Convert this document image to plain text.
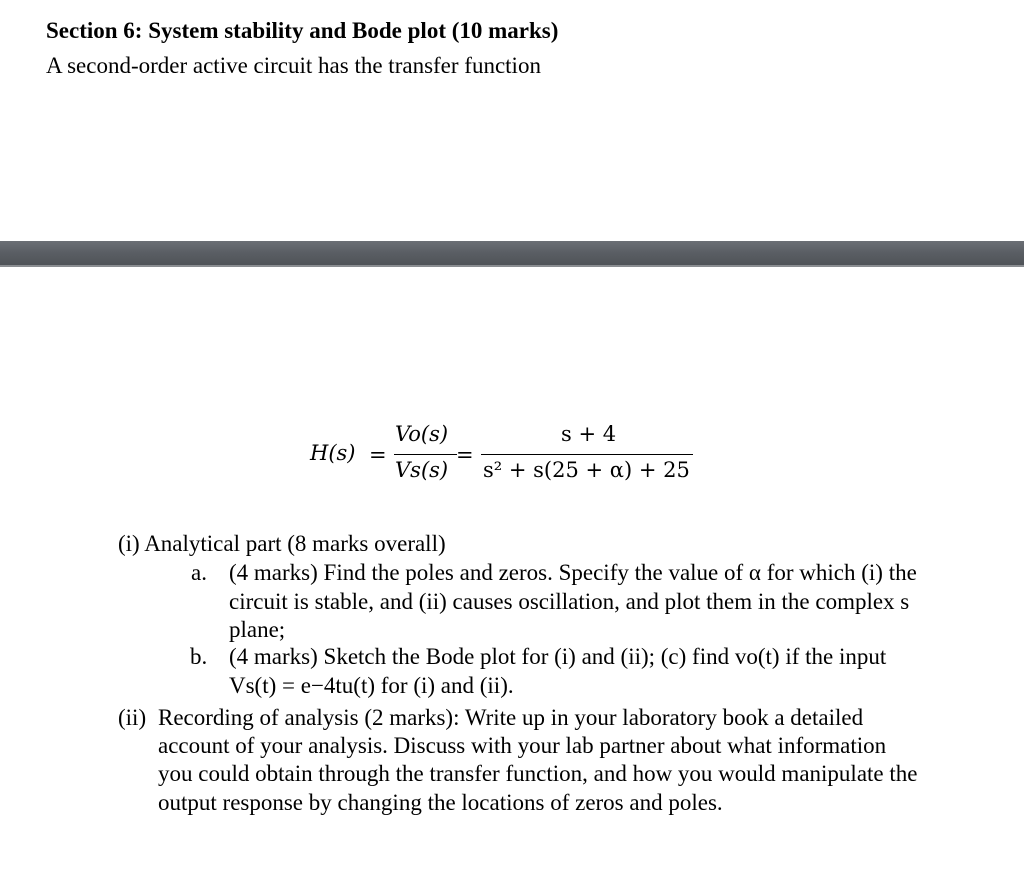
Section 6: System stability and Bode plot (10 marks)
A second-order active circuit has the transfer function
H(s) =
Vo(s)
Vs(s)
=
s + 4
s² + s(25 + α) + 25
(i) Analytical part (8 marks overall)
a. (4 marks) Find the poles and zeros. Specify the value of α for which (i) the
circuit is stable, and (ii) causes oscillation, and plot them in the complex s
plane;
b. (4 marks) Sketch the Bode plot for (i) and (ii); (c) find vo(t) if the input
Vs(t) = e−4tu(t) for (i) and (ii).
(ii) Recording of analysis (2 marks): Write up in your laboratory book a detailed
account of your analysis. Discuss with your lab partner about what information
you could obtain through the transfer function, and how you would manipulate the
output response by changing the locations of zeros and poles.
